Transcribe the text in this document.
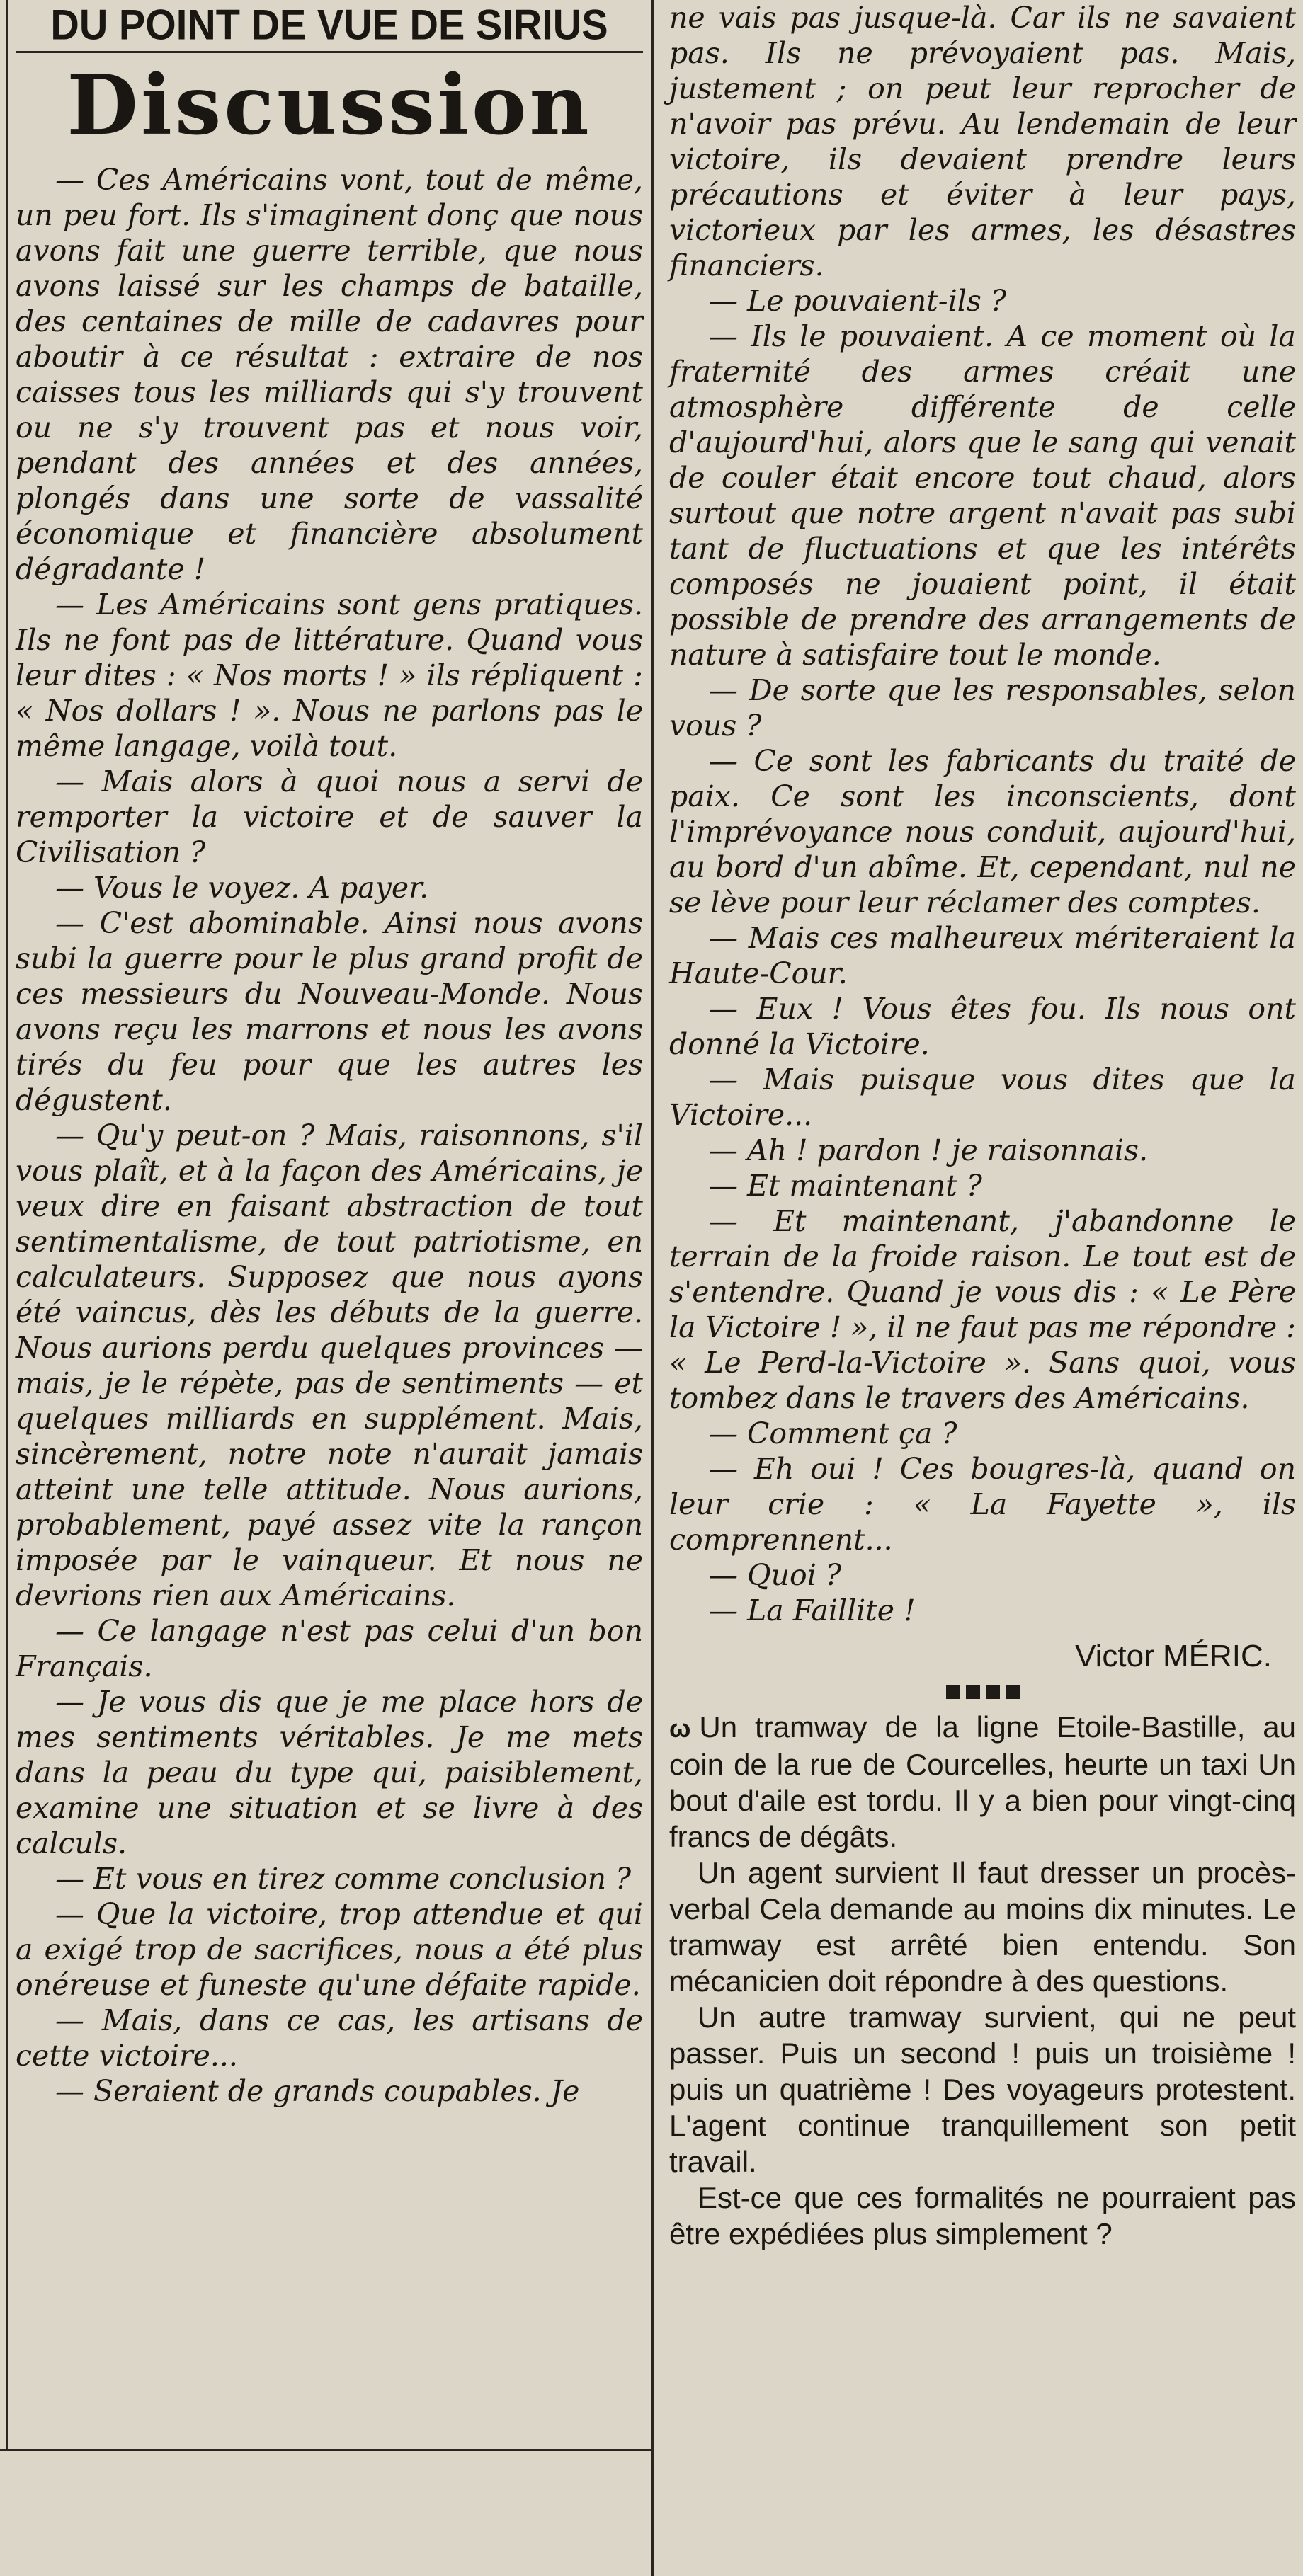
DU POINT DE VUE DE SIRIUS
Discussion

— Ces Américains vont, tout de même, un peu fort. Ils s'imaginent donç que nous avons fait une guerre terrible, que nous avons laissé sur les champs de bataille, des centaines de mille de cadavres pour aboutir à ce résultat : extraire de nos caisses tous les milliards qui s'y trouvent ou ne s'y trouvent pas et nous voir, pendant des années et des années, plongés dans une sorte de vassalité économique et financière absolument dégradante !

— Les Américains sont gens pratiques. Ils ne font pas de littérature. Quand vous leur dites : « Nos morts ! » ils répliquent : « Nos dollars ! ». Nous ne parlons pas le même langage, voilà tout.

— Mais alors à quoi nous a servi de remporter la victoire et de sauver la Civilisation ?

— Vous le voyez. A payer.

— C'est abominable. Ainsi nous avons subi la guerre pour le plus grand profit de ces messieurs du Nouveau-Monde. Nous avons reçu les marrons et nous les avons tirés du feu pour que les autres les dégustent.

— Qu'y peut-on ? Mais, raisonnons, s'il vous plaît, et à la façon des Américains, je veux dire en faisant abstraction de tout sentimentalisme, de tout patriotisme, en calculateurs. Supposez que nous ayons été vaincus, dès les débuts de la guerre. Nous aurions perdu quelques provinces — mais, je le répète, pas de sentiments — et quelques milliards en supplément. Mais, sincèrement, notre note n'aurait jamais atteint une telle attitude. Nous aurions, probablement, payé assez vite la rançon imposée par le vainqueur. Et nous ne devrions rien aux Américains.

— Ce langage n'est pas celui d'un bon Français.

— Je vous dis que je me place hors de mes sentiments véritables. Je me mets dans la peau du type qui, paisiblement, examine une situation et se livre à des calculs.

— Et vous en tirez comme conclusion ?

— Que la victoire, trop attendue et qui a exigé trop de sacrifices, nous a été plus onéreuse et funeste qu'une défaite rapide.

— Mais, dans ce cas, les artisans de cette victoire...

— Seraient de grands coupables. Je

ne vais pas jusque-là. Car ils ne savaient pas. Ils ne prévoyaient pas. Mais, justement ; on peut leur reprocher de n'avoir pas prévu. Au lendemain de leur victoire, ils devaient prendre leurs précautions et éviter à leur pays, victorieux par les armes, les désastres financiers.

— Le pouvaient-ils ?

— Ils le pouvaient. A ce moment où la fraternité des armes créait une atmosphère différente de celle d'aujourd'hui, alors que le sang qui venait de couler était encore tout chaud, alors surtout que notre argent n'avait pas subi tant de fluctuations et que les intérêts composés ne jouaient point, il était possible de prendre des arrangements de nature à satisfaire tout le monde.

— De sorte que les responsables, selon vous ?

— Ce sont les fabricants du traité de paix. Ce sont les inconscients, dont l'imprévoyance nous conduit, aujourd'hui, au bord d'un abîme. Et, cependant, nul ne se lève pour leur réclamer des comptes.

— Mais ces malheureux mériteraient la Haute-Cour.

— Eux ! Vous êtes fou. Ils nous ont donné la Victoire.

— Mais puisque vous dites que la Victoire...

— Ah ! pardon ! je raisonnais.

— Et maintenant ?

— Et maintenant, j'abandonne le terrain de la froide raison. Le tout est de s'entendre. Quand je vous dis : « Le Père la Victoire ! », il ne faut pas me répondre : « Le Perd-la-Victoire ». Sans quoi, vous tombez dans le travers des Américains.

— Comment ça ?

— Eh oui ! Ces bougres-là, quand on leur crie : « La Fayette », ils comprennent...

— Quoi ?

— La Faillite !

Victor MÉRIC.

ω Un tramway de la ligne Etoile-Bastille, au coin de la rue de Courcelles, heurte un taxi Un bout d'aile est tordu. Il y a bien pour vingt-cinq francs de dégâts.

Un agent survient Il faut dresser un procès-verbal Cela demande au moins dix minutes. Le tramway est arrêté bien entendu. Son mécanicien doit répondre à des questions.

Un autre tramway survient, qui ne peut passer. Puis un second ! puis un troisième ! puis un quatrième ! Des voyageurs protestent. L'agent continue tranquillement son petit travail.

Est-ce que ces formalités ne pourraient pas être expédiées plus simplement ?
